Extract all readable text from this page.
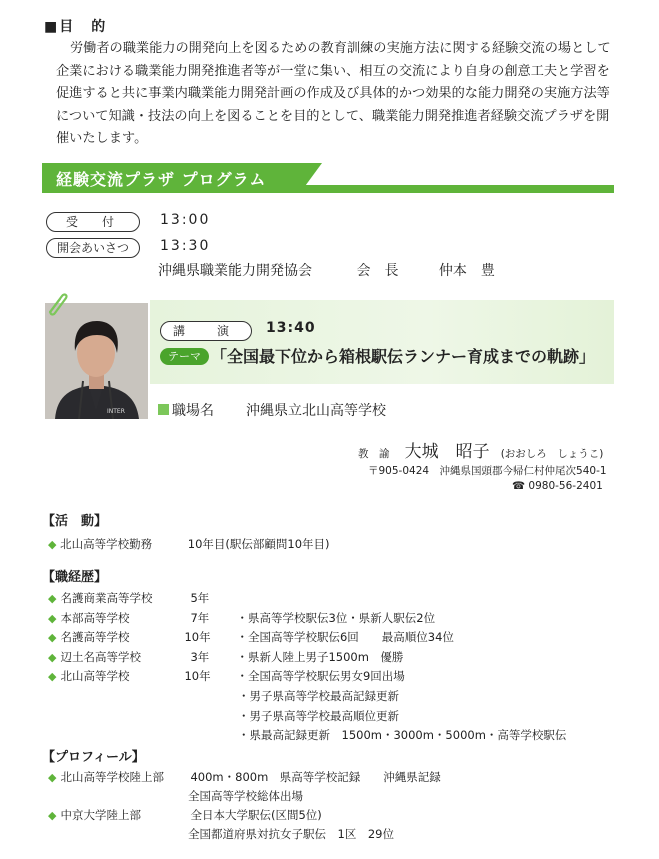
■目　的
労働者の職業能力の開発向上を図るための教育訓練の実施方法に関する経験交流の場として企業における職業能力開発推進者等が一堂に集い、相互の交流により自身の創意工夫と学習を促進すると共に事業内職業能力開発計画の作成及び具体的かつ効果的な能力開発の実施方法等について知識・技法の向上を図ることを目的として、職業能力開発推進者経験交流プラザを開催いたします。
経験交流プラザ プログラム
受　付	13:00
開会あいさつ	13:30
沖縄県職業能力開発協会	会　長	仲本　豊
INTER
講　演	13:40
テーマ 「全国最下位から箱根駅伝ランナー育成までの軌跡」
職場名 沖縄県立北山高等学校
教　諭 大城　昭子 (おおしろ　しょうこ)
〒905-0424　沖縄県国頭郡今帰仁村仲尾次540-1
☎ 0980-56-2401
【活　動】
◆ 北山高等学校勤務	10年目(駅伝部顧問10年目)
【職経歴】
◆ 名護商業高等学校	5年
◆ 本部高等学校	7年 ・県高等学校駅伝3位・県新人駅伝2位
◆ 名護高等学校	10年 ・全国高等学校駅伝6回　　最高順位34位
◆ 辺土名高等学校	3年 ・県新人陸上男子1500m　優勝
◆ 北山高等学校	10年 ・全国高等学校駅伝男女9回出場
・男子県高等学校最高記録更新
・男子県高等学校最高順位更新
・県最高記録更新　1500m・3000m・5000m・高等学校駅伝
【プロフィール】
◆ 北山高等学校陸上部 400m・800m　県高等学校記録　　沖縄県記録
全国高等学校総体出場
◆ 中京大学陸上部	全日本大学駅伝(区間5位)
全国都道府県対抗女子駅伝　1区　29位
